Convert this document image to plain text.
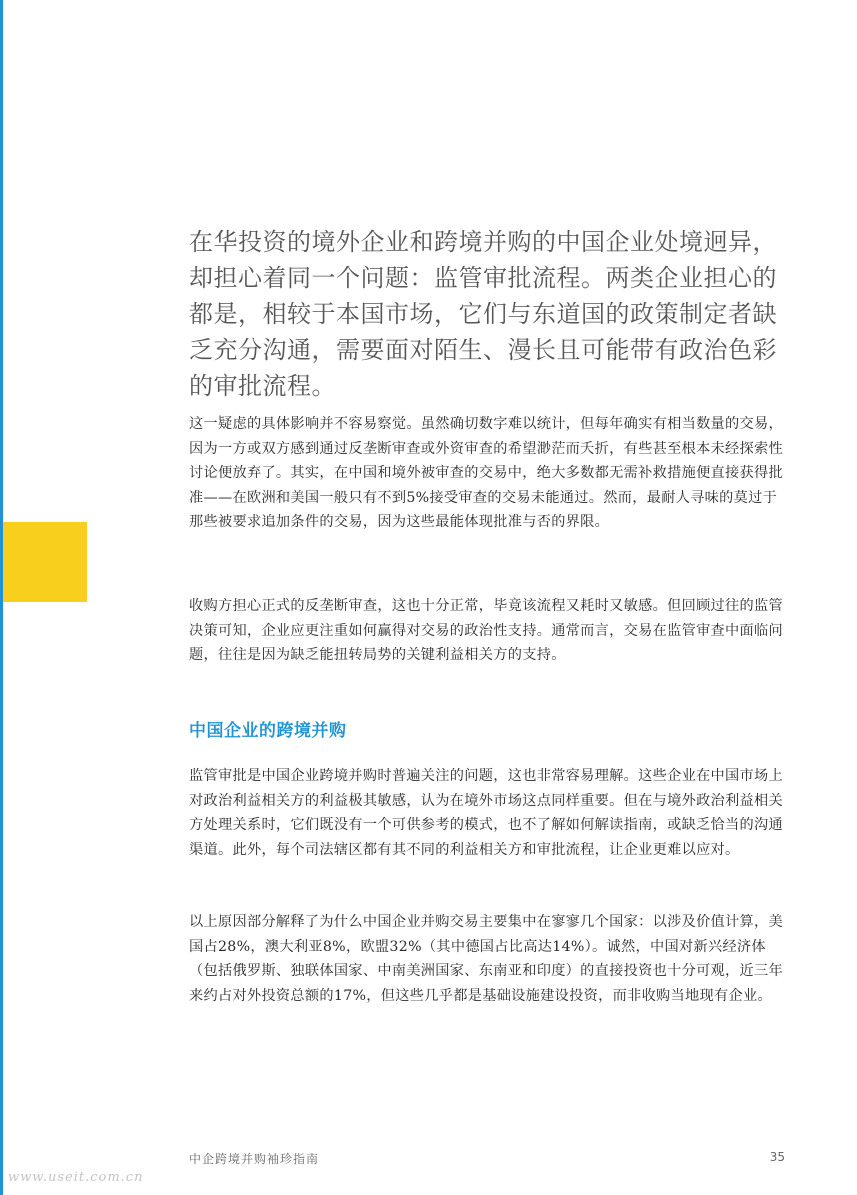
在华投资的境外企业和跨境并购的中国企业处境迥异，却担心着同一个问题：监管审批流程。两类企业担心的都是，相较于本国市场，它们与东道国的政策制定者缺乏充分沟通，需要面对陌生、漫长且可能带有政治色彩的审批流程。
这一疑虑的具体影响并不容易察觉。虽然确切数字难以统计，但每年确实有相当数量的交易，因为一方或双方感到通过反垄断审查或外资审查的希望渺茫而夭折，有些甚至根本未经探索性讨论便放弃了。其实，在中国和境外被审查的交易中，绝大多数都无需补救措施便直接获得批准——在欧洲和美国一般只有不到5%接受审查的交易未能通过。然而，最耐人寻味的莫过于那些被要求追加条件的交易，因为这些最能体现批准与否的界限。
收购方担心正式的反垄断审查，这也十分正常，毕竟该流程又耗时又敏感。但回顾过往的监管决策可知，企业应更注重如何赢得对交易的政治性支持。通常而言，交易在监管审查中面临问题，往往是因为缺乏能扭转局势的关键利益相关方的支持。
中国企业的跨境并购
监管审批是中国企业跨境并购时普遍关注的问题，这也非常容易理解。这些企业在中国市场上对政治利益相关方的利益极其敏感，认为在境外市场这点同样重要。但在与境外政治利益相关方处理关系时，它们既没有一个可供参考的模式，也不了解如何解读指南，或缺乏恰当的沟通渠道。此外，每个司法辖区都有其不同的利益相关方和审批流程，让企业更难以应对。
以上原因部分解释了为什么中国企业并购交易主要集中在寥寥几个国家：以涉及价值计算，美国占28%，澳大利亚8%，欧盟32%（其中德国占比高达14%）。诚然，中国对新兴经济体（包括俄罗斯、独联体国家、中南美洲国家、东南亚和印度）的直接投资也十分可观，近三年来约占对外投资总额的17%，但这些几乎都是基础设施建设投资，而非收购当地现有企业。
中企跨境并购袖珍指南	35
www.useit.com.cn
